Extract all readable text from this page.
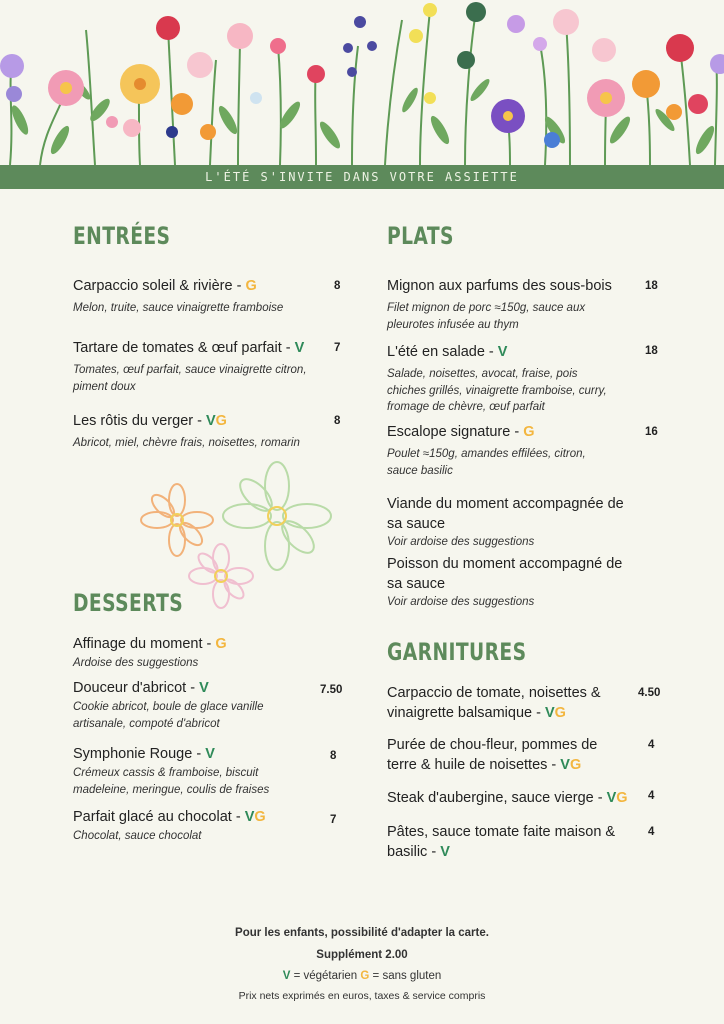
L'ÉTÉ S'INVITE DANS VOTRE ASSIETTE
ENTRÉES
Carpaccio soleil & rivière - G
Melon, truite, sauce vinaigrette framboise
8
Tartare de tomates & œuf parfait - V
Tomates, œuf parfait, sauce vinaigrette citron, piment doux
7
Les rôtis du verger - VG
Abricot, miel, chèvre frais, noisettes, romarin
8
DESSERTS
Affinage du moment - G
Ardoise des suggestions
Douceur d'abricot - V
Cookie abricot, boule de glace vanille artisanale, compoté d'abricot
7.50
Symphonie Rouge - V
Crémeux cassis & framboise, biscuit madeleine, meringue, coulis de fraises
8
Parfait glacé au chocolat - VG
Chocolat, sauce chocolat
7
PLATS
Mignon aux parfums des sous-bois
Filet mignon de porc ≈150g, sauce aux pleurotes infusée au thym
18
L'été en salade - V
Salade, noisettes, avocat, fraise, pois chiches grillés, vinaigrette framboise, curry, fromage de chèvre, œuf parfait
18
Escalope signature - G
Poulet ≈150g, amandes effilées, citron, sauce basilic
16
Viande du moment accompagnée de sa sauce
Voir ardoise des suggestions
Poisson du moment accompagné de sa sauce
Voir ardoise des suggestions
GARNITURES
Carpaccio de tomate, noisettes & vinaigrette balsamique - VG
4.50
Purée de chou-fleur, pommes de terre & huile de noisettes - VG
4
Steak d'aubergine, sauce vierge - VG	4
Pâtes, sauce tomate faite maison & basilic - V
4
Pour les enfants, possibilité d'adapter la carte.
Supplément 2.00
V = végétarien G = sans gluten
Prix nets exprimés en euros, taxes & service compris
